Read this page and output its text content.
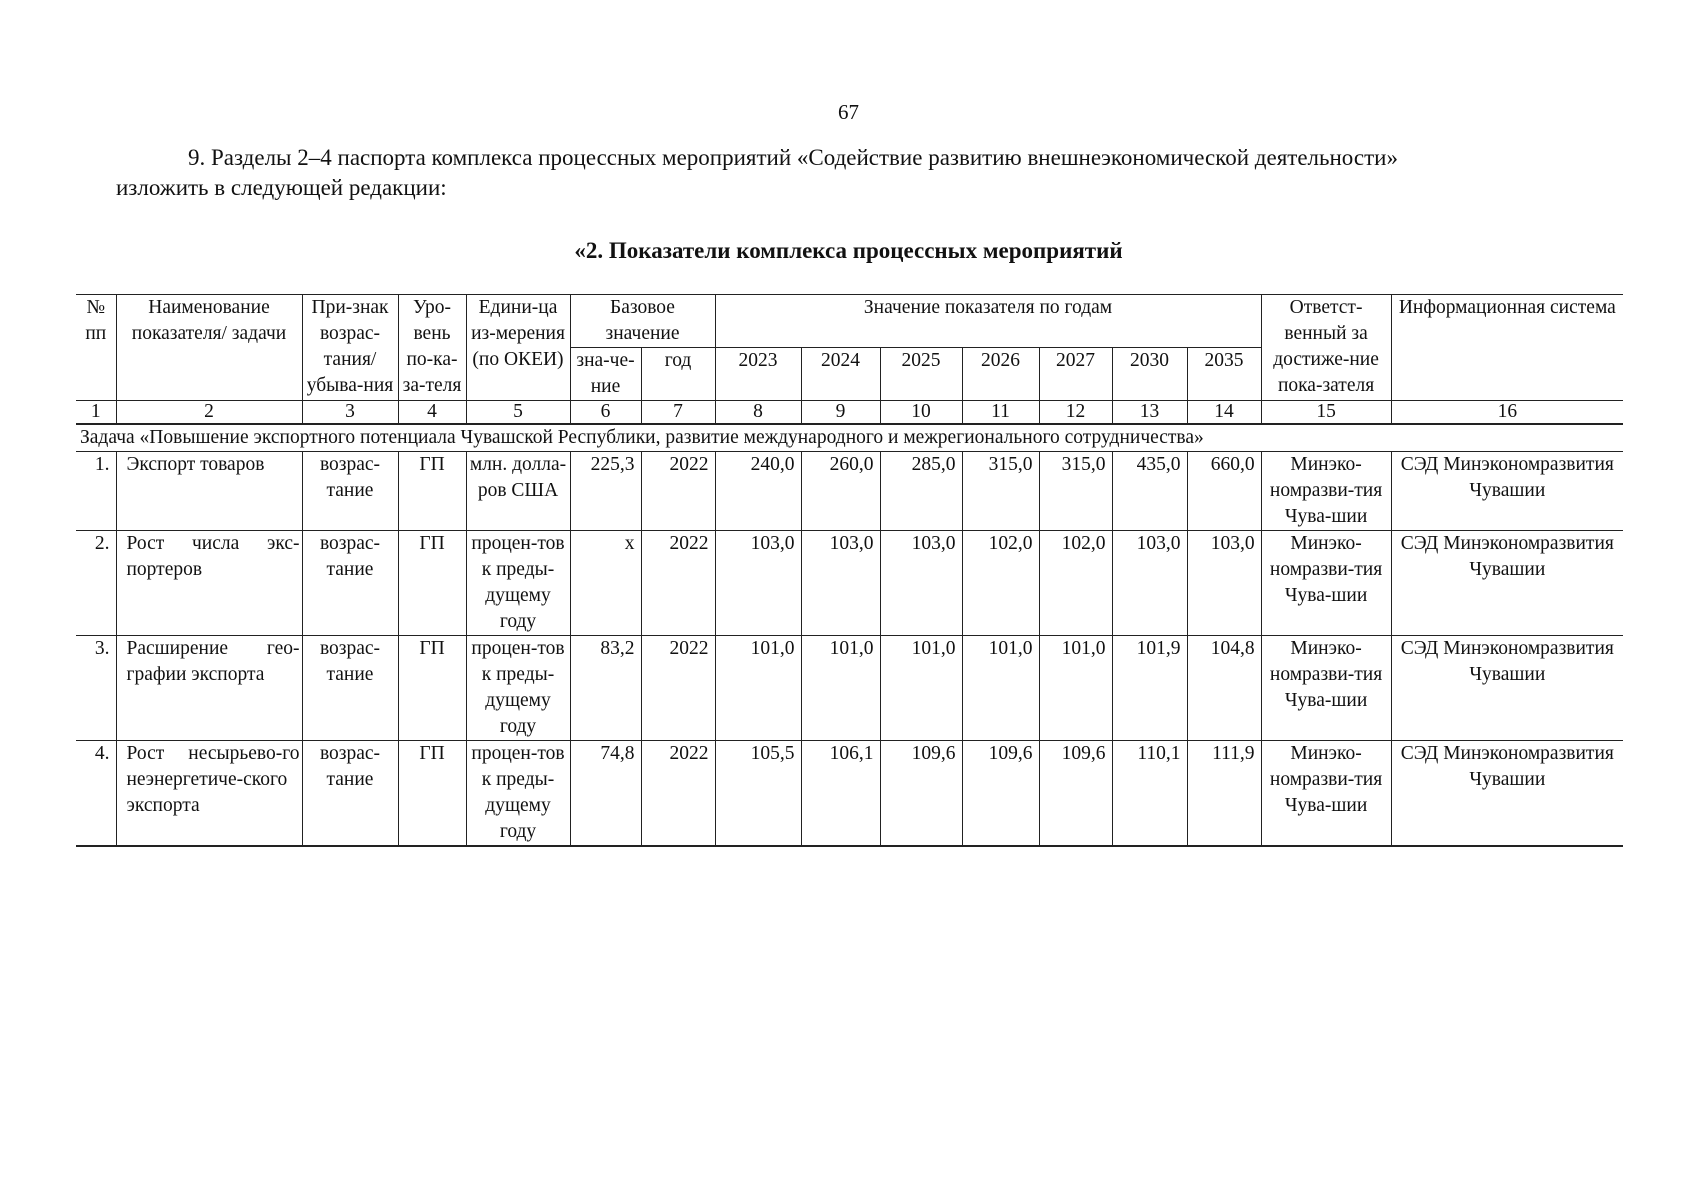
67
9. Разделы 2–4 паспорта комплекса процессных мероприятий «Содействие развитию внешнеэкономической деятельности»
изложить в следующей редакции:
«2. Показатели комплекса процессных мероприятий
№ пп	Наименование показателя/ задачи	При-знак возрас-тания/ убыва-ния	Уро-вень по-ка-за-теля	Едини-ца из-мерения (по ОКЕИ)	Базовое значение		Значение показателя по годам							Ответст-венный за достиже-ние пока-зателя	Информационная система
					зна-че-ние	год	2023	2024	2025	2026	2027	2030	2035		
1	2	3	4	5	6	7	8	9	10	11	12	13	14	15	16
Задача «Повышение экспортного потенциала Чувашской Республики, развитие международного и межрегионального сотрудничества»															
1.	Экспорт товаров	возрас-тание	ГП	млн. долла-ров США	225,3	2022	240,0	260,0	285,0	315,0	315,0	435,0	660,0	Минэко-номразви-тия Чува-шии	СЭД Минэкономразвития Чувашии
2.	Рост числа экс-портеров	возрас-тание	ГП	процен-тов к преды-дущему году	х	2022	103,0	103,0	103,0	102,0	102,0	103,0	103,0	Минэко-номразви-тия Чува-шии	СЭД Минэкономразвития Чувашии
3.	Расширение гео-графии экспорта	возрас-тание	ГП	процен-тов к преды-дущему году	83,2	2022	101,0	101,0	101,0	101,0	101,0	101,9	104,8	Минэко-номразви-тия Чува-шии	СЭД Минэкономразвития Чувашии
4.	Рост несырьево-го неэнергетиче-ского экспорта	возрас-тание	ГП	процен-тов к преды-дущему году	74,8	2022	105,5	106,1	109,6	109,6	109,6	110,1	111,9	Минэко-номразви-тия Чува-шии	СЭД Минэкономразвития Чувашии
